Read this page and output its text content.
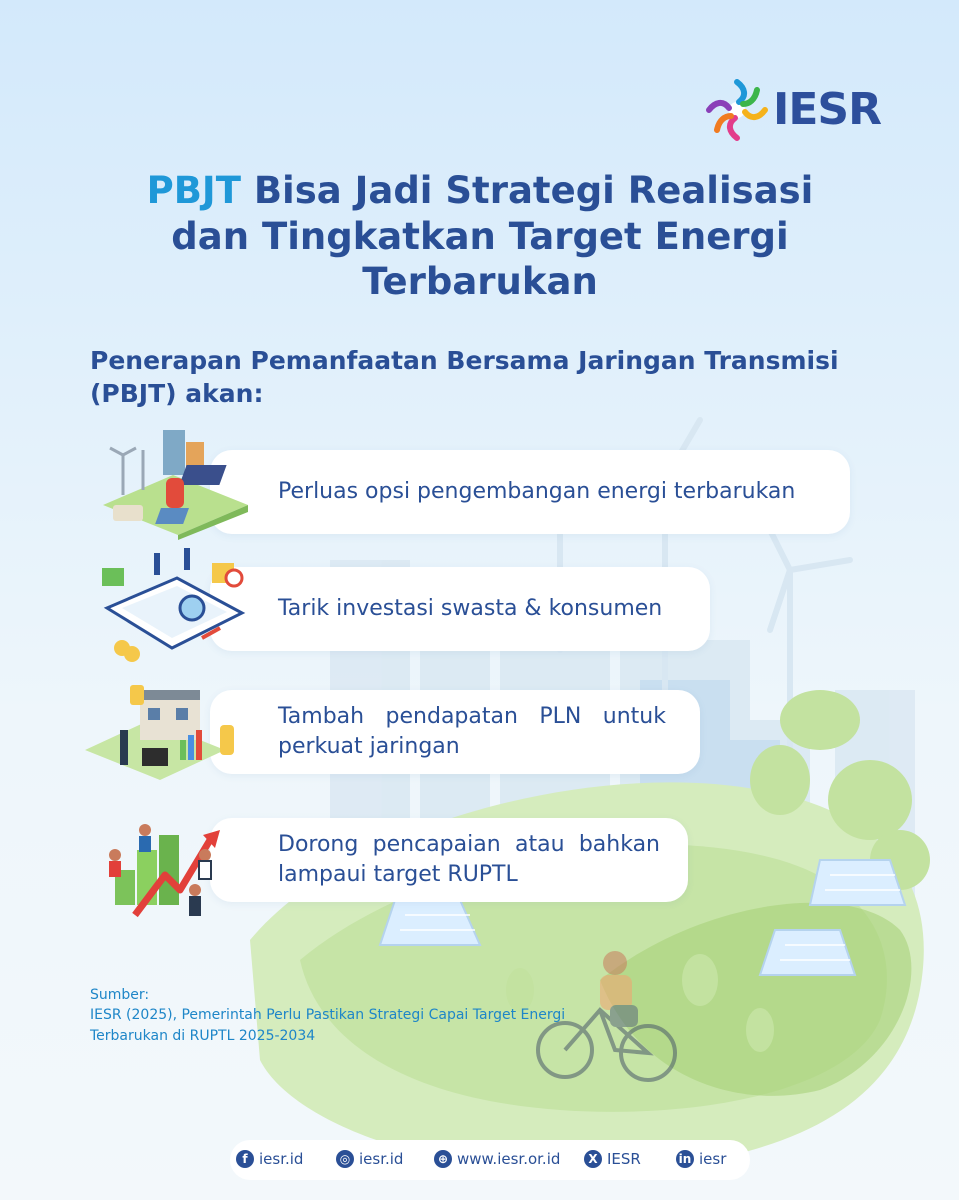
IESR
PBJT Bisa Jadi Strategi Realisasi
dan Tingkatkan Target Energi
Terbarukan
Penerapan Pemanfaatan Bersama Jaringan Transmisi (PBJT) akan:
Perluas opsi pengembangan energi terbarukan
Tarik investasi swasta & konsumen
Tambah pendapatan PLN untuk perkuat jaringan
Dorong pencapaian atau bahkan lampaui target RUPTL
Sumber:
IESR (2025), Pemerintah Perlu Pastikan Strategi Capai Target Energi Terbarukan di RUPTL 2025-2034
f iesr.id	◎ iesr.id	⊕ www.iesr.or.id	X IESR	in iesr
